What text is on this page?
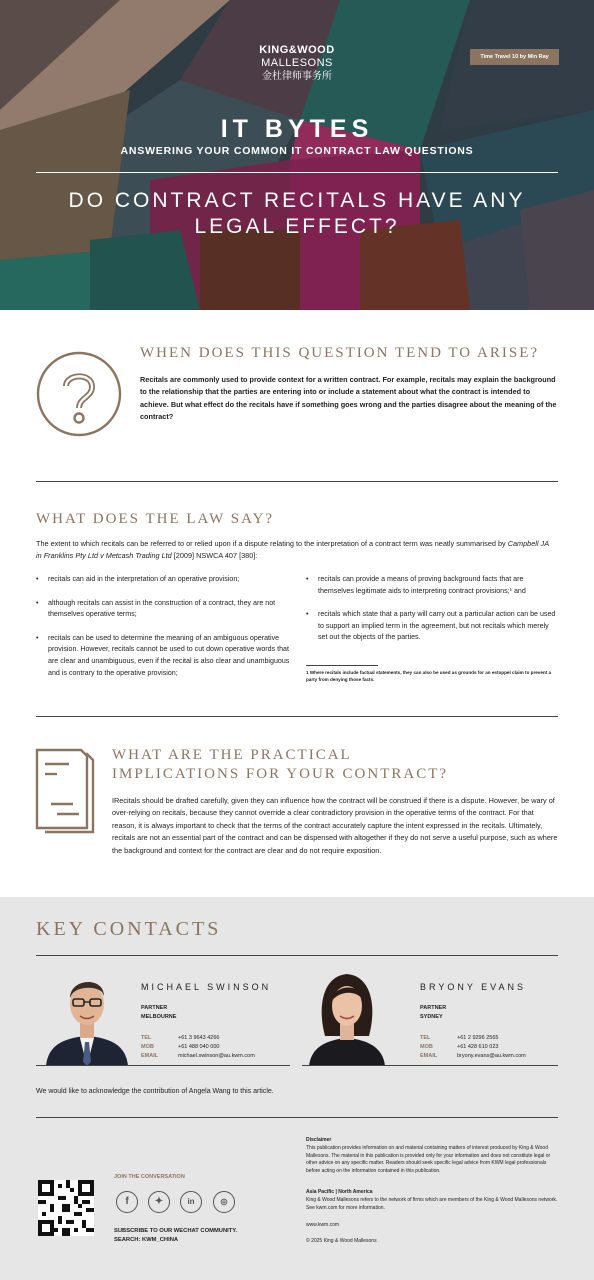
KING&WOOD
MALLESONS
金杜律师事务所
Time Travel 10 by Min Ray
IT BYTES
ANSWERING YOUR COMMON IT CONTRACT LAW QUESTIONS
DO CONTRACT RECITALS HAVE ANY
LEGAL EFFECT?
WHEN DOES THIS QUESTION TEND TO ARISE?
Recitals are commonly used to provide context for a written contract. For example, recitals may explain the background to the relationship that the parties are entering into or include a statement about what the contract is intended to achieve. But what effect do the recitals have if something goes wrong and the parties disagree about the meaning of the contract?
WHAT DOES THE LAW SAY?
The extent to which recitals can be referred to or relied upon if a dispute relating to the interpretation of a contract term was neatly summarised by Campbell JA in Franklins Pty Ltd v Metcash Trading Ltd [2009] NSWCA 407 [380]:
• recitals can aid in the interpretation of an operative provision;
• although recitals can assist in the construction of a contract, they are not themselves operative terms;
• recitals can be used to determine the meaning of an ambiguous operative provision. However, recitals cannot be used to cut down operative words that are clear and unambiguous, even if the recital is also clear and unambiguous and is contrary to the operative provision;
• recitals can provide a means of proving background facts that are themselves legitimate aids to interpreting contract provisions;¹ and
• recitals which state that a party will carry out a particular action can be used to support an implied term in the agreement, but not recitals which merely set out the objects of the parties.
1 Where recitals include factual statements, they can also be used as grounds for an estoppel claim to prevent a party from denying those facts.
WHAT ARE THE PRACTICAL
IMPLICATIONS FOR YOUR CONTRACT?
IRecitals should be drafted carefully, given they can influence how the contract will be construed if there is a dispute. However, be wary of over-relying on recitals, because they cannot override a clear contradictory provision in the operative terms of the contract. For that reason, it is always important to check that the terms of the contract accurately capture the intent expressed in the recitals. Ultimately, recitals are not an essential part of the contract and can be dispensed with altogether if they do not serve a useful purpose, such as where the background and context for the contract are clear and do not require exposition.
KEY CONTACTS
MICHAEL SWINSON
PARTNER
MELBOURNE
TEL	+61 3 9643 4266
MOB	+61 488 040 000
EMAIL	michael.swinson@au.kwm.com
BRYONY EVANS
PARTNER
SYDNEY
TEL	+61 2 9296 2565
MOB	+61 428 610 023
EMAIL	bryony.evans@au.kwm.com
We would like to acknowledge the contribution of Angela Wang to this article.
JOIN THE CONVERSATION
f	✦	in	◎
SUBSCRIBE TO OUR WECHAT COMMUNITY.
SEARCH: KWM_CHINA
Disclaimer
This publication provides information on and material containing matters of interest produced by King & Wood Mallesons. The material in this publication is provided only for your information and does not constitute legal or other advice on any specific matter. Readers should seek specific legal advice from KWM legal professionals before acting on the information contained in this publication.
Asia Pacific | North America
King & Wood Mallesons refers to the network of firms which are members of the King & Wood Mallesons network. See kwm.com for more information.
www.kwm.com
© 2025 King & Wood Mallesons
